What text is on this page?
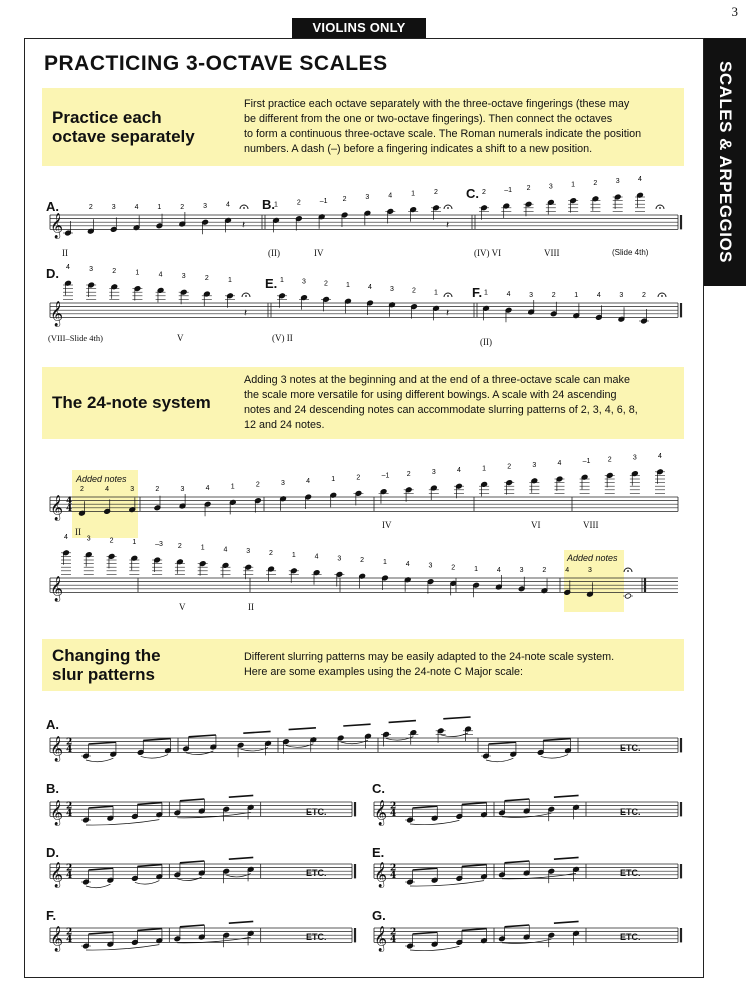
3
VIOLINS ONLY
SCALES & ARPEGGIOS
PRACTICING 3-OCTAVE SCALES
Practice each
octave separately
First practice each octave separately with the three-octave fingerings (these may
be different from the one or two-octave fingerings). Then connect the octaves
to form a continuous three-octave scale. The Roman numerals indicate the position
numbers. A dash (–) before a fingering indicates a shift to a new position.
The 24-note system
Adding 3 notes at the beginning and at the end of a three-octave scale can make
the scale more versatile for using different bowings. A scale with 24 ascending
notes and 24 descending notes can accommodate slurring patterns of 2, 3, 4, 6, 8,
12 and 24 notes.
Changing the
slur patterns
Different slurring patterns may be easily adapted to the 24-note scale system.
Here are some examples using the 24-note C Major scale:
Added notes
Added notes
A.	B.
C.
D.
E.
F.
II	(II)	IV	(IV) VI	VIII	(Slide 4th)
(VIII–Slide 4th)	V	(V) II	(II)
II
IV	VI	VIII
V	II
A.
B.	C.
D.	E.
F.	G.
ETC.
ETC.	ETC.
ETC.	ETC.
ETC.	ETC.
𝄞
2	3	4	1	2	3	4
𝄽
1	2	–1 2	3	4	1	2
𝄽
2	–1 2	3	1	2	3	4
𝄞
4	3	2	1	4	3	2	1
𝄽
1	3	2	1	4	3	2	1
𝄽
1	4	3	2	1	4	3	2
𝄞 4
4
2	4	3	2	3	4	1	2	3	4	1	2	–1 2	3	4	1	2	3	4	–1 2	3	4
𝄞
4	3	2	1	–3 2	1	4	3	2	1	4	3	2	1	4	3	2	1	4	3	2	4	3
𝄞 2
4
𝄞 2
4	𝄞 2
4
𝄞 2
4	𝄞 2
4
𝄞 2
4	𝄞 2
4
